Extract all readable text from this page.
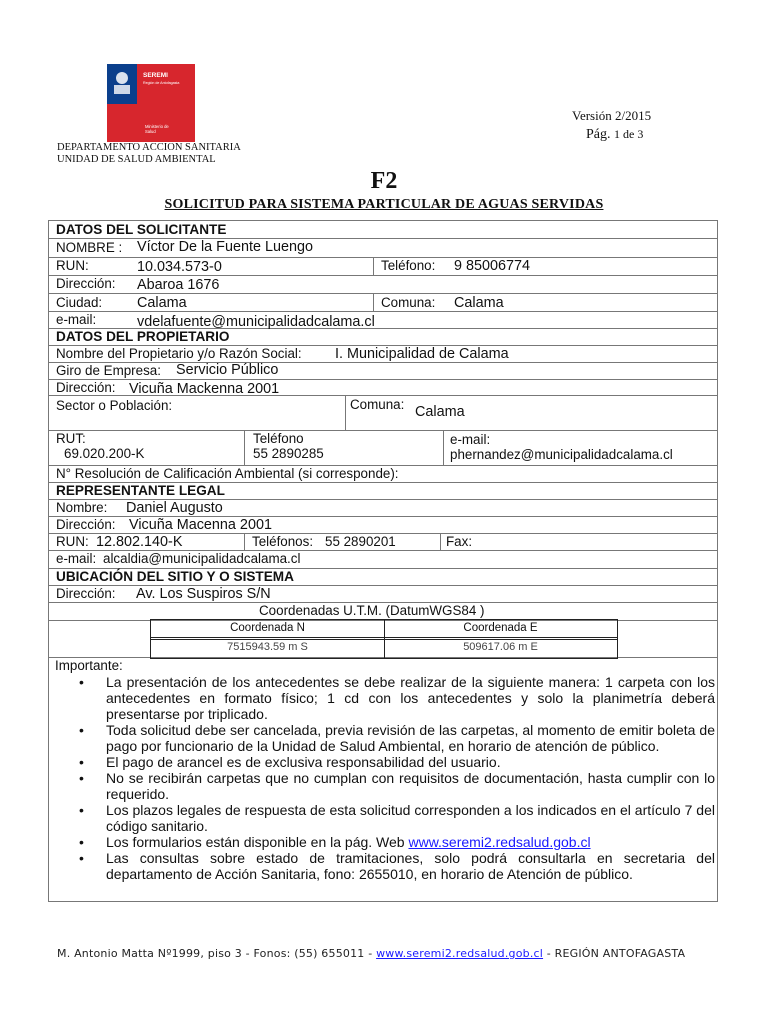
SEREMI
Región de Antofagasta
Ministerio de
Salud
DEPARTAMENTO ACCION SANITARIA
UNIDAD DE SALUD AMBIENTAL
Versión 2/2015
Pág. 1 de 3
F2
SOLICITUD PARA SISTEMA PARTICULAR DE AGUAS SERVIDAS
DATOS DEL SOLICITANTE
NOMBRE : Víctor De la Fuente Luengo
RUN:	10.034.573-0	Teléfono: 9 85006774
Dirección: Abaroa 1676
Ciudad: Calama	Comuna: Calama
e-mail:	vdelafuente@municipalidadcalama.cl
DATOS DEL PROPIETARIO
Nombre del Propietario y/o Razón Social: I. Municipalidad de Calama
Giro de Empresa: Servicio Público
Dirección: Vicuña Mackenna 2001
Sector o Población:	Comuna: Calama
RUT:
69.020.200-K
Teléfono
55 2890285
e-mail:
phernandez@municipalidadcalama.cl
N° Resolución de Calificación Ambiental (si corresponde):
REPRESENTANTE LEGAL
Nombre: Daniel Augusto
Dirección: Vicuña Macenna 2001
RUN: 12.802.140-K	Teléfonos: 55 2890201	Fax:
e-mail: alcaldia@municipalidadcalama.cl
UBICACIÓN DEL SITIO Y O SISTEMA
Dirección: Av. Los Suspiros S/N
Coordenadas U.T.M. (DatumWGS84 )
Coordenada N	Coordenada E
7515943.59 m S	509617.06 m E
Importante:
• La presentación de los antecedentes se debe realizar de la siguiente manera: 1 carpeta con los antecedentes en formato físico; 1 cd con los antecedentes y solo la planimetría deberá presentarse por triplicado.
• Toda solicitud debe ser cancelada, previa revisión de las carpetas, al momento de emitir boleta de pago por funcionario de la Unidad de Salud Ambiental, en horario de atención de público.
• El pago de arancel es de exclusiva responsabilidad del usuario.
• No se recibirán carpetas que no cumplan con requisitos de documentación, hasta cumplir con lo requerido.
• Los plazos legales de respuesta de esta solicitud corresponden a los indicados en el artículo 7 del código sanitario.
• Los formularios están disponible en la pág. Web www.seremi2.redsalud.gob.cl
• Las consultas sobre estado de tramitaciones, solo podrá consultarla en secretaria del departamento de Acción Sanitaria, fono: 2655010, en horario de Atención de público.
M. Antonio Matta Nº1999, piso 3 - Fonos: (55) 655011 - www.seremi2.redsalud.gob.cl - REGIÓN ANTOFAGASTA
